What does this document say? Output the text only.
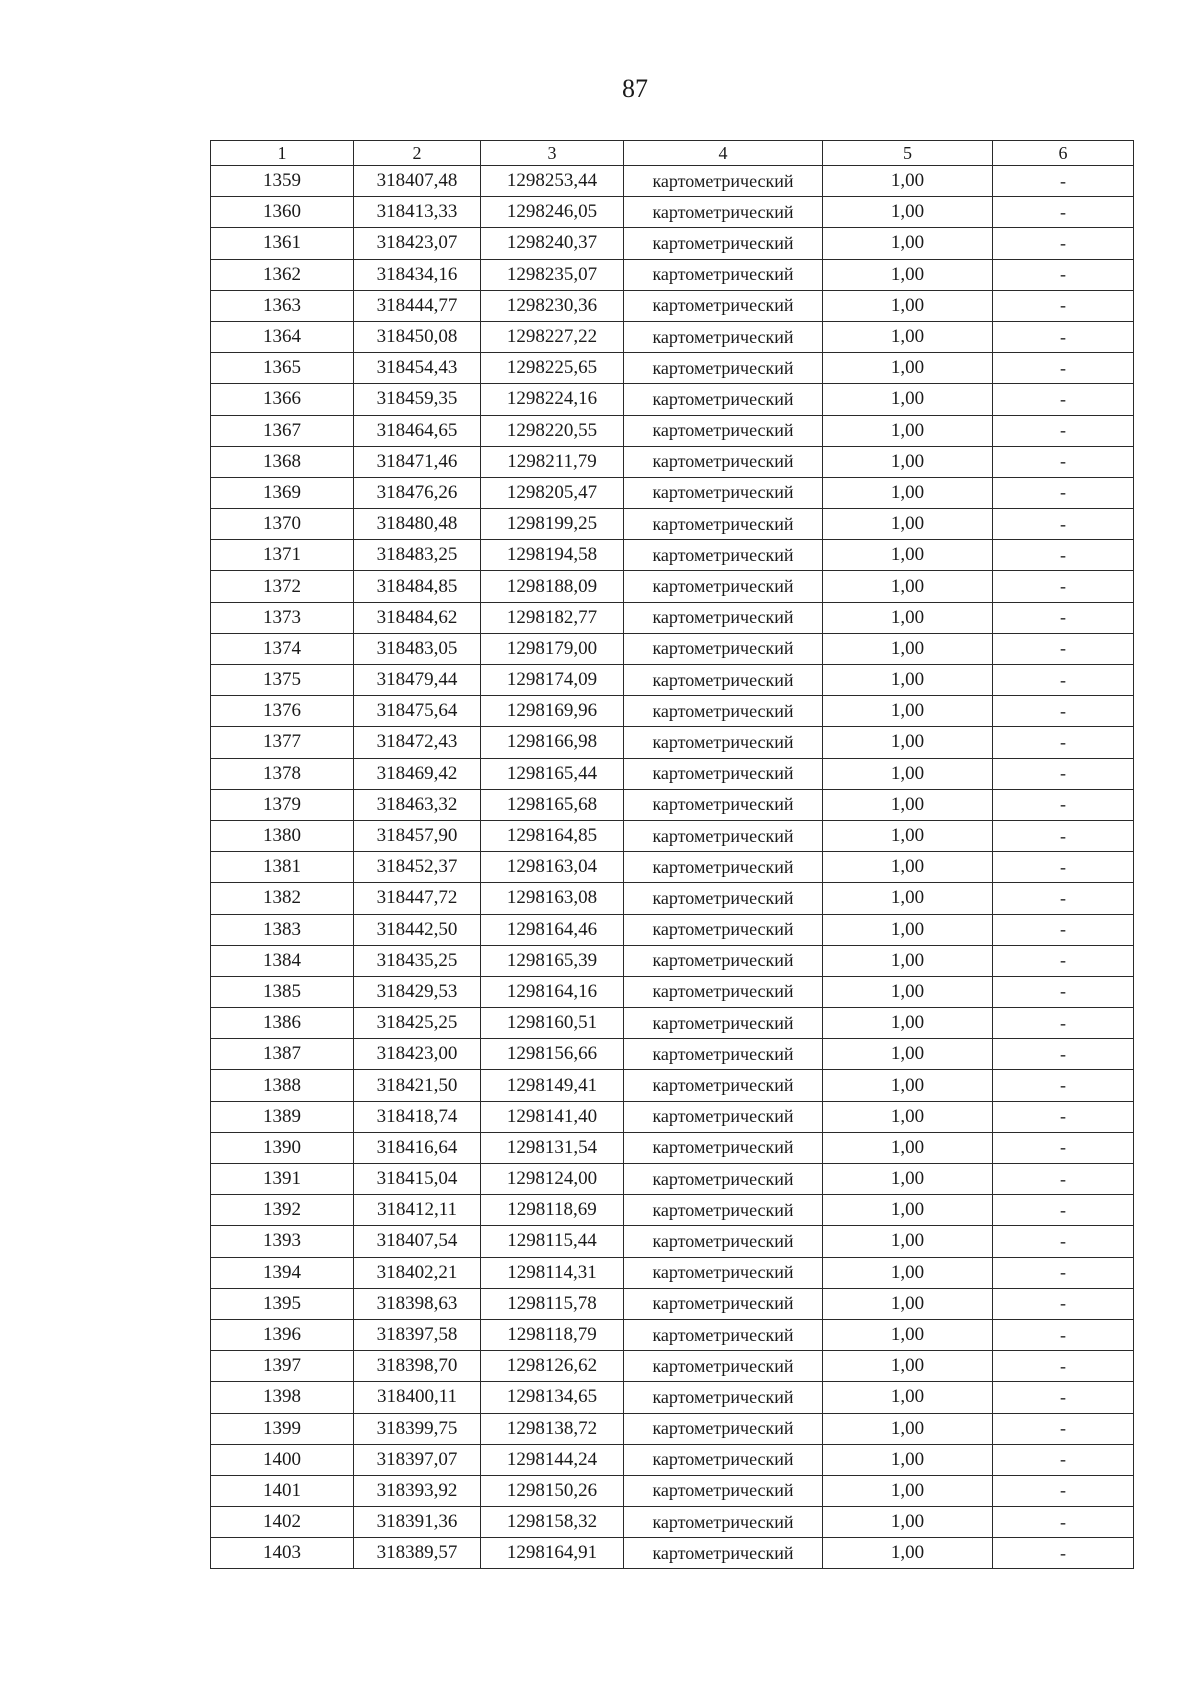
87
1	2	3	4	5	6
1359	318407,48	1298253,44	картометрический	1,00	-
1360	318413,33	1298246,05	картометрический	1,00	-
1361	318423,07	1298240,37	картометрический	1,00	-
1362	318434,16	1298235,07	картометрический	1,00	-
1363	318444,77	1298230,36	картометрический	1,00	-
1364	318450,08	1298227,22	картометрический	1,00	-
1365	318454,43	1298225,65	картометрический	1,00	-
1366	318459,35	1298224,16	картометрический	1,00	-
1367	318464,65	1298220,55	картометрический	1,00	-
1368	318471,46	1298211,79	картометрический	1,00	-
1369	318476,26	1298205,47	картометрический	1,00	-
1370	318480,48	1298199,25	картометрический	1,00	-
1371	318483,25	1298194,58	картометрический	1,00	-
1372	318484,85	1298188,09	картометрический	1,00	-
1373	318484,62	1298182,77	картометрический	1,00	-
1374	318483,05	1298179,00	картометрический	1,00	-
1375	318479,44	1298174,09	картометрический	1,00	-
1376	318475,64	1298169,96	картометрический	1,00	-
1377	318472,43	1298166,98	картометрический	1,00	-
1378	318469,42	1298165,44	картометрический	1,00	-
1379	318463,32	1298165,68	картометрический	1,00	-
1380	318457,90	1298164,85	картометрический	1,00	-
1381	318452,37	1298163,04	картометрический	1,00	-
1382	318447,72	1298163,08	картометрический	1,00	-
1383	318442,50	1298164,46	картометрический	1,00	-
1384	318435,25	1298165,39	картометрический	1,00	-
1385	318429,53	1298164,16	картометрический	1,00	-
1386	318425,25	1298160,51	картометрический	1,00	-
1387	318423,00	1298156,66	картометрический	1,00	-
1388	318421,50	1298149,41	картометрический	1,00	-
1389	318418,74	1298141,40	картометрический	1,00	-
1390	318416,64	1298131,54	картометрический	1,00	-
1391	318415,04	1298124,00	картометрический	1,00	-
1392	318412,11	1298118,69	картометрический	1,00	-
1393	318407,54	1298115,44	картометрический	1,00	-
1394	318402,21	1298114,31	картометрический	1,00	-
1395	318398,63	1298115,78	картометрический	1,00	-
1396	318397,58	1298118,79	картометрический	1,00	-
1397	318398,70	1298126,62	картометрический	1,00	-
1398	318400,11	1298134,65	картометрический	1,00	-
1399	318399,75	1298138,72	картометрический	1,00	-
1400	318397,07	1298144,24	картометрический	1,00	-
1401	318393,92	1298150,26	картометрический	1,00	-
1402	318391,36	1298158,32	картометрический	1,00	-
1403	318389,57	1298164,91	картометрический	1,00	-
